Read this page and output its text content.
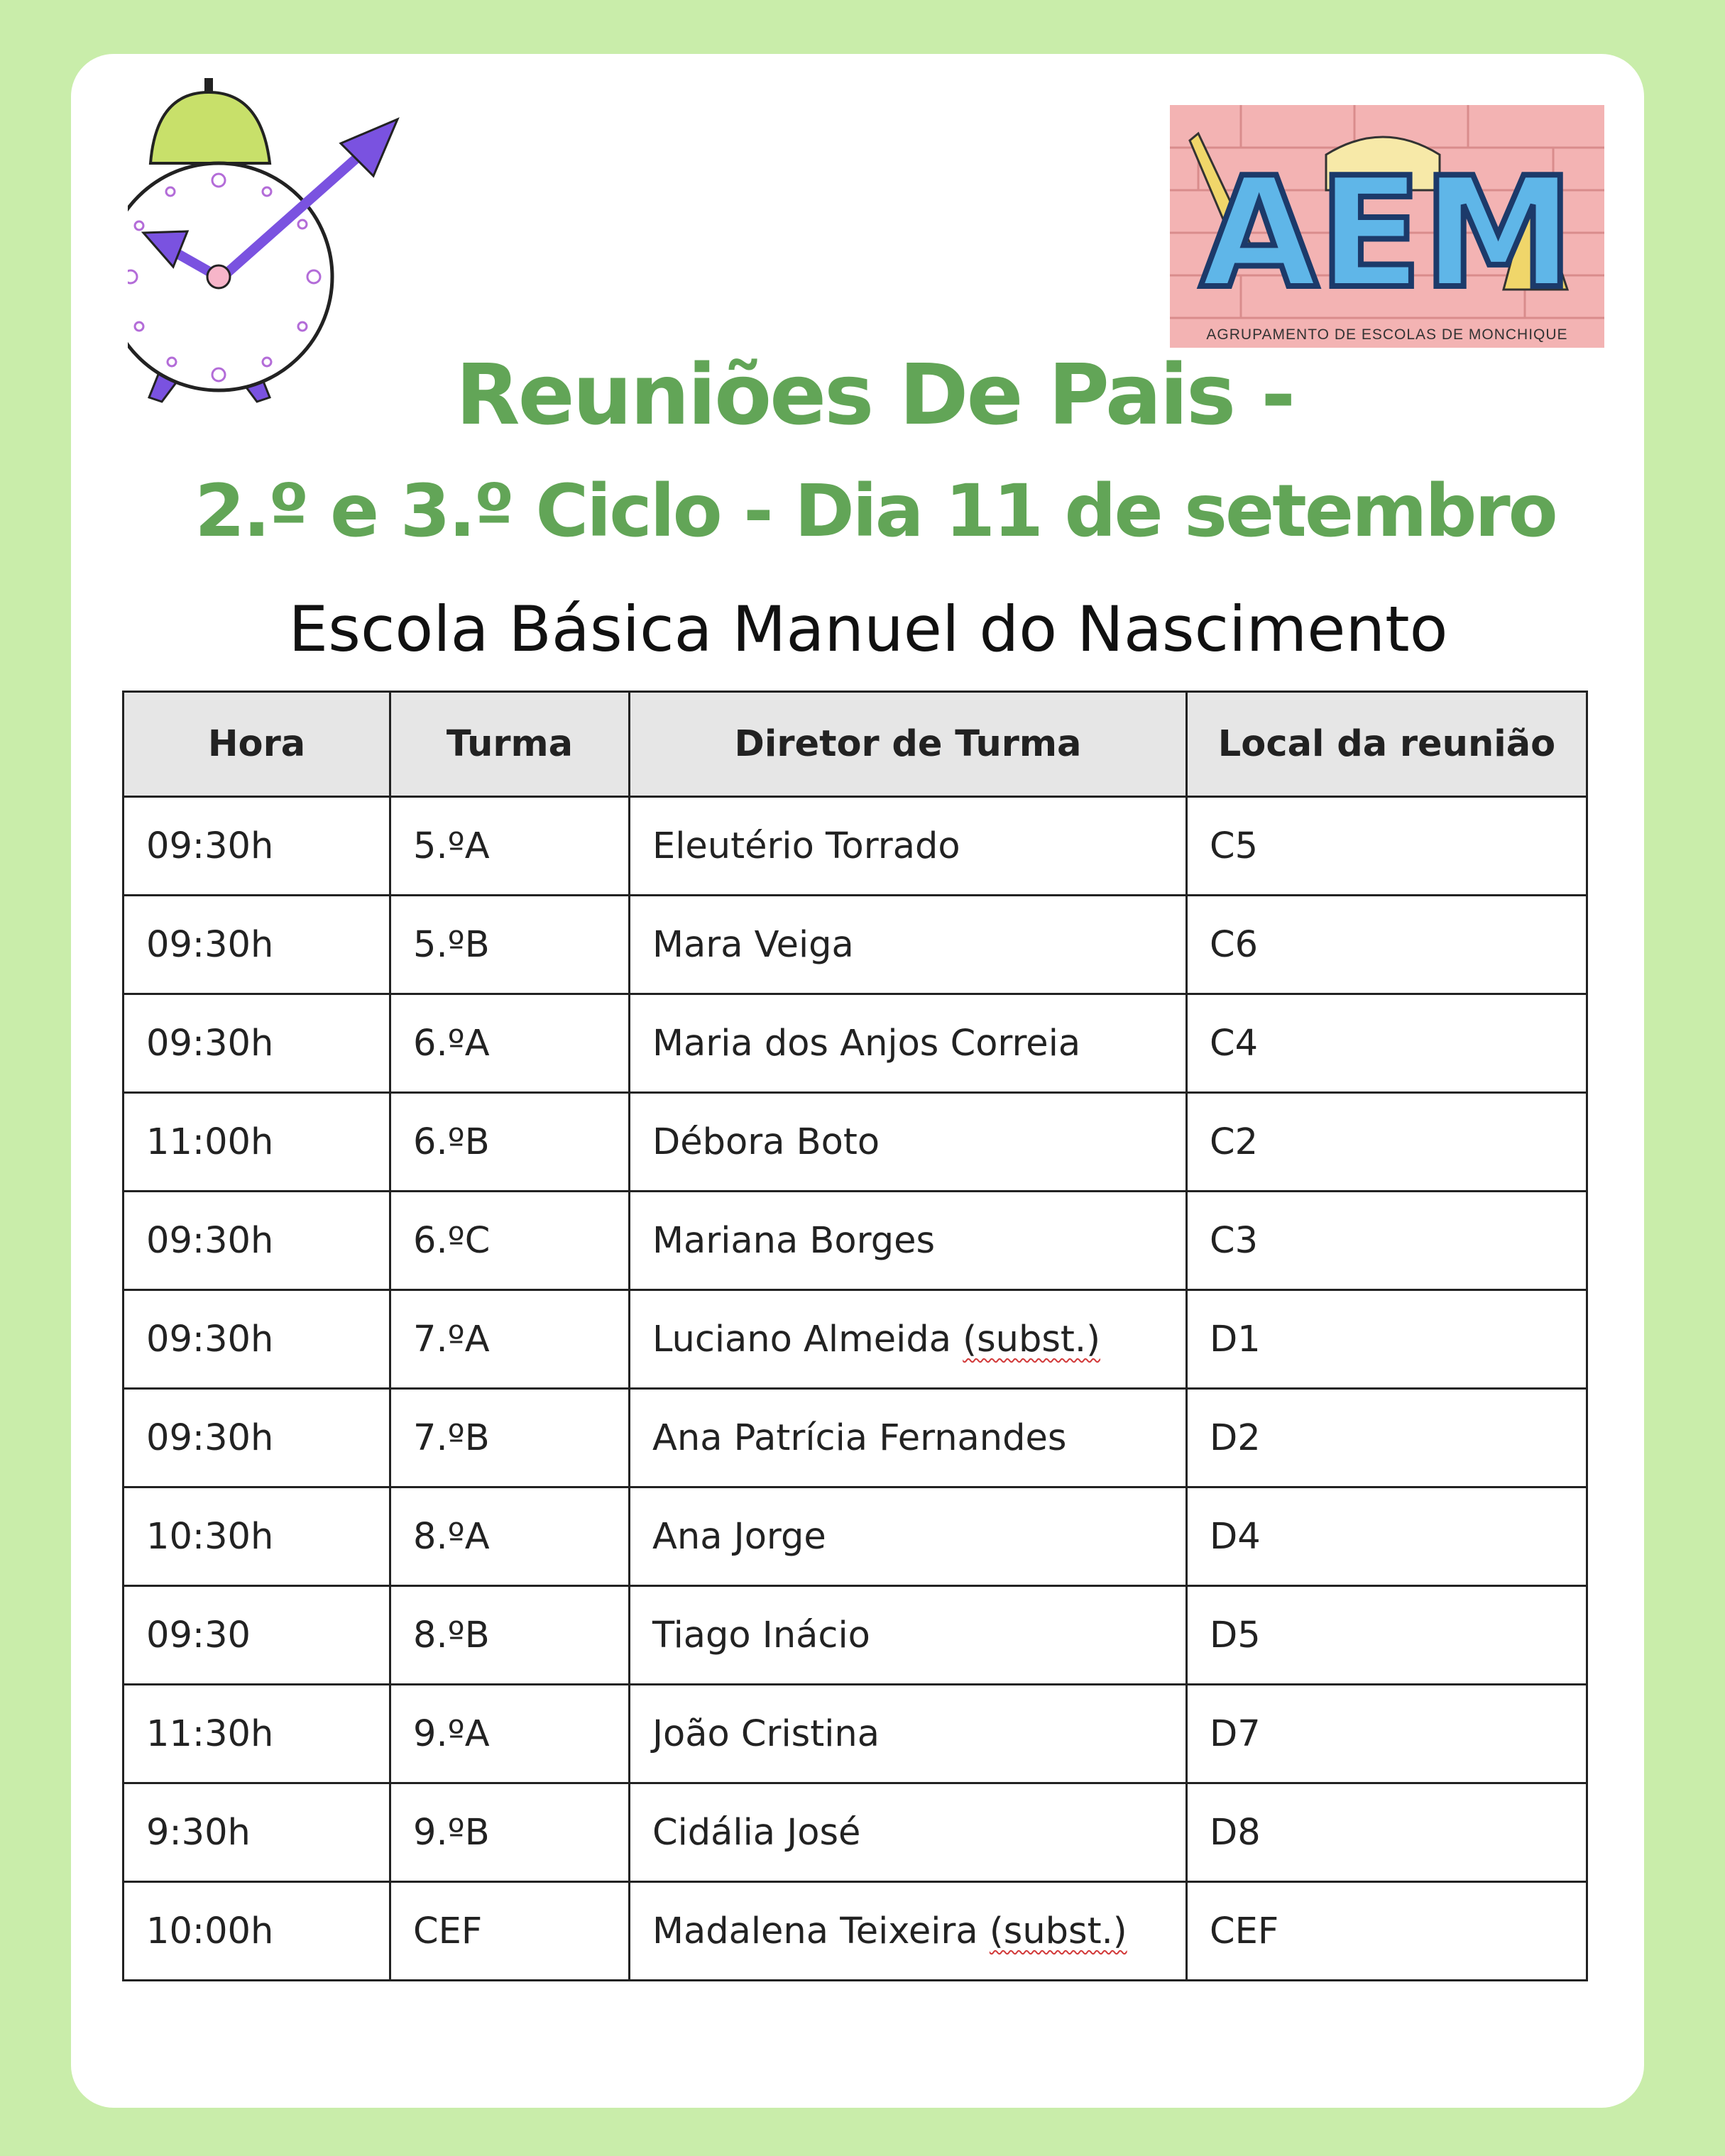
AEM
AGRUPAMENTO DE ESCOLAS DE MONCHIQUE
Reuniões De Pais -
2.º e 3.º Ciclo - Dia 11 de setembro
Escola Básica Manuel do Nascimento
Hora	Turma	Diretor de Turma	Local da reunião
09:30h	5.ºA	Eleutério Torrado	C5
09:30h	5.ºB	Mara Veiga	C6
09:30h	6.ºA	Maria dos Anjos Correia	C4
11:00h	6.ºB	Débora Boto	C2
09:30h	6.ºC	Mariana Borges	C3
09:30h	7.ºA	Luciano Almeida (subst.)	D1
09:30h	7.ºB	Ana Patrícia Fernandes	D2
10:30h	8.ºA	Ana Jorge	D4
09:30	8.ºB	Tiago Inácio	D5
11:30h	9.ºA	João Cristina	D7
9:30h	9.ºB	Cidália José	D8
10:00h	CEF	Madalena Teixeira (subst.)	CEF
